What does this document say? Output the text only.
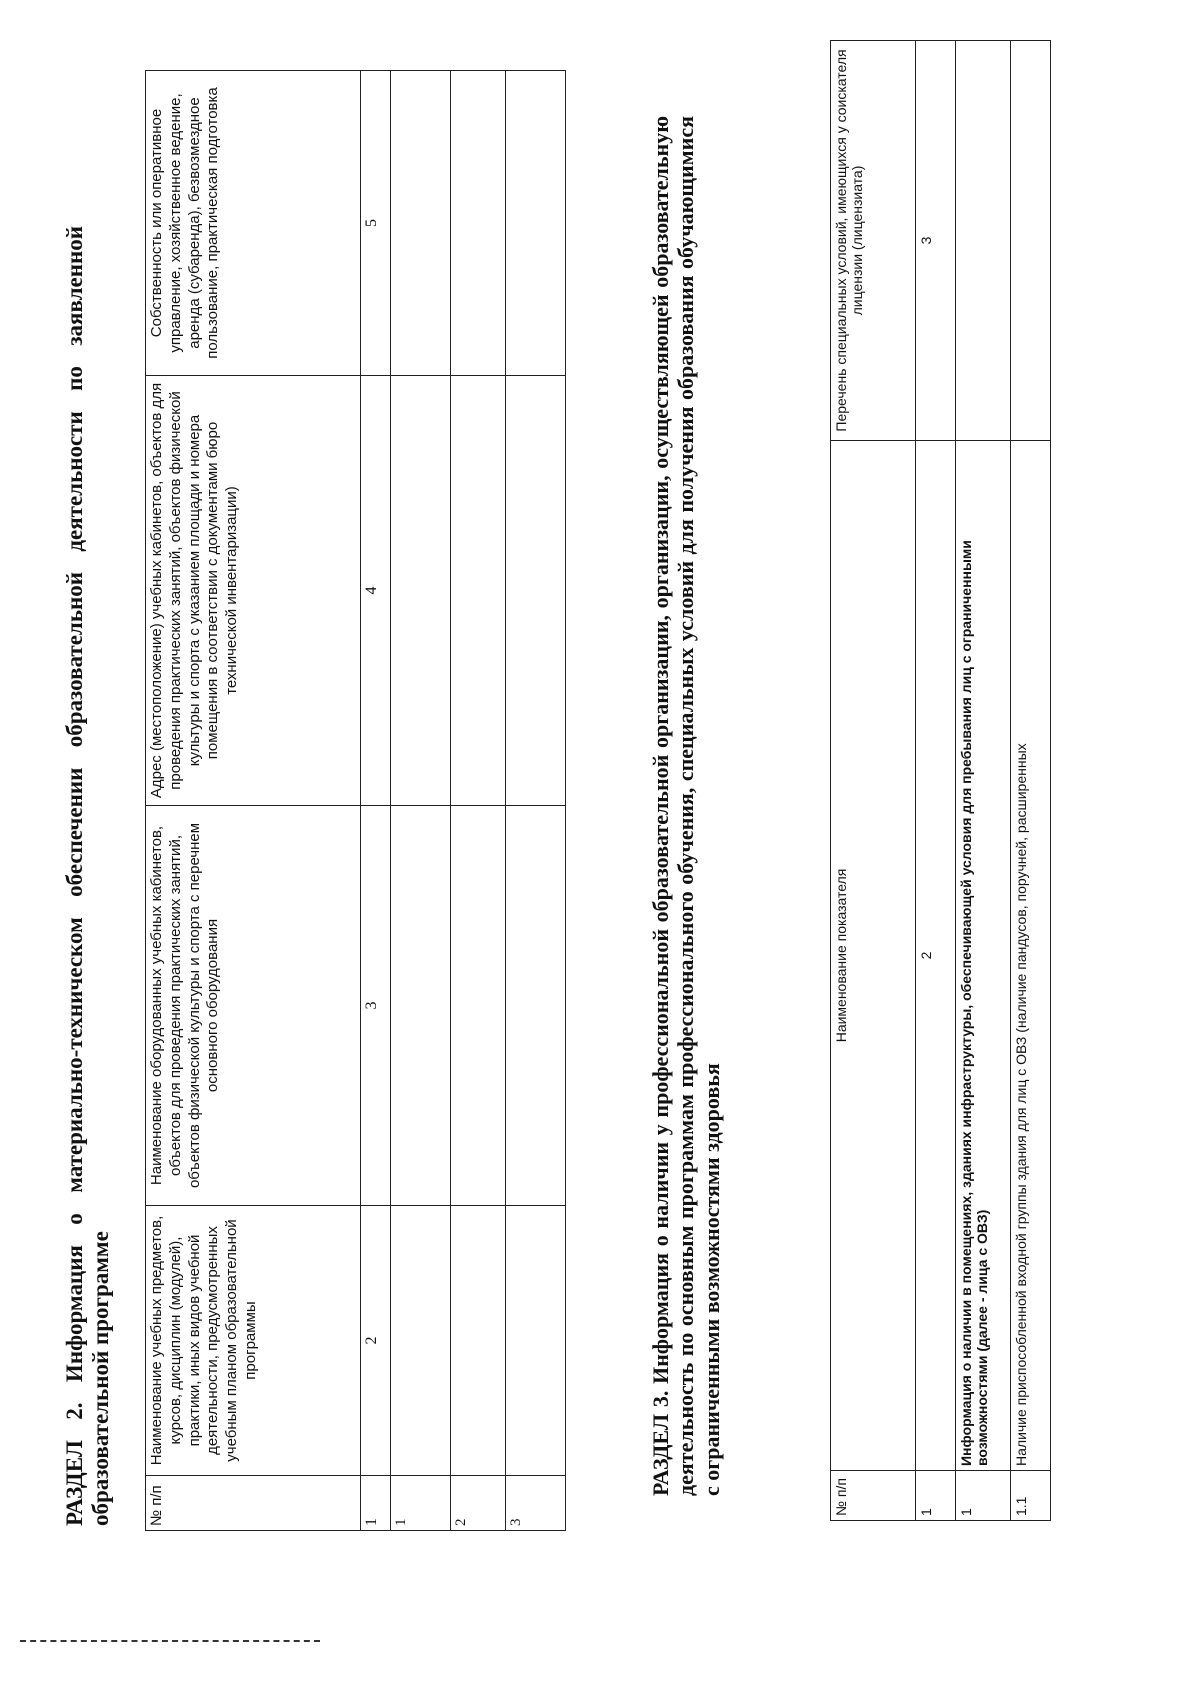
РАЗДЕЛ 2. Информация о материально-техническом обеспечении образовательной деятельности по заявленной образовательной программе № п/п	Наименование учебных предметов, курсов, дисциплин (модулей), практики, иных видов учебной деятельности, предусмотренных учебным планом образовательной программы	Наименование оборудованных учебных кабинетов, объектов для проведения практических занятий, объектов физической культуры и спорта с перечнем основного оборудования	Адрес (местоположение) учебных кабинетов, объектов для проведения практических занятий, объектов физической культуры и спорта с указанием площади и номера помещения в соответствии с документами бюро технической инвентаризации)	Собственность или оперативное управление, хозяйственное ведение, аренда (субаренда), безвозмездное пользование, практическая подготовка
1	2	3	4	5
1				
2				
3				
РАЗДЕЛ 3. Информация о наличии у профессиональной образовательной организации, организации, осуществляющей образовательную деятельность по основным программам профессионального обучения, специальных условий для получения образования обучающимися с ограниченными возможностями здоровья
№ п/п	Наименование показателя	Перечень специальных условий, имеющихся у соискателя лицензии (лицензиата)
1	2	3
1	Информация о наличии в помещениях, зданиях инфраструктуры, обеспечивающей условия для пребывания лиц с ограниченными возможностями (далее - лица с ОВЗ)	
1.1	Наличие приспособленной входной группы здания для лиц с ОВЗ (наличие пандусов, поручней, расширенных	
